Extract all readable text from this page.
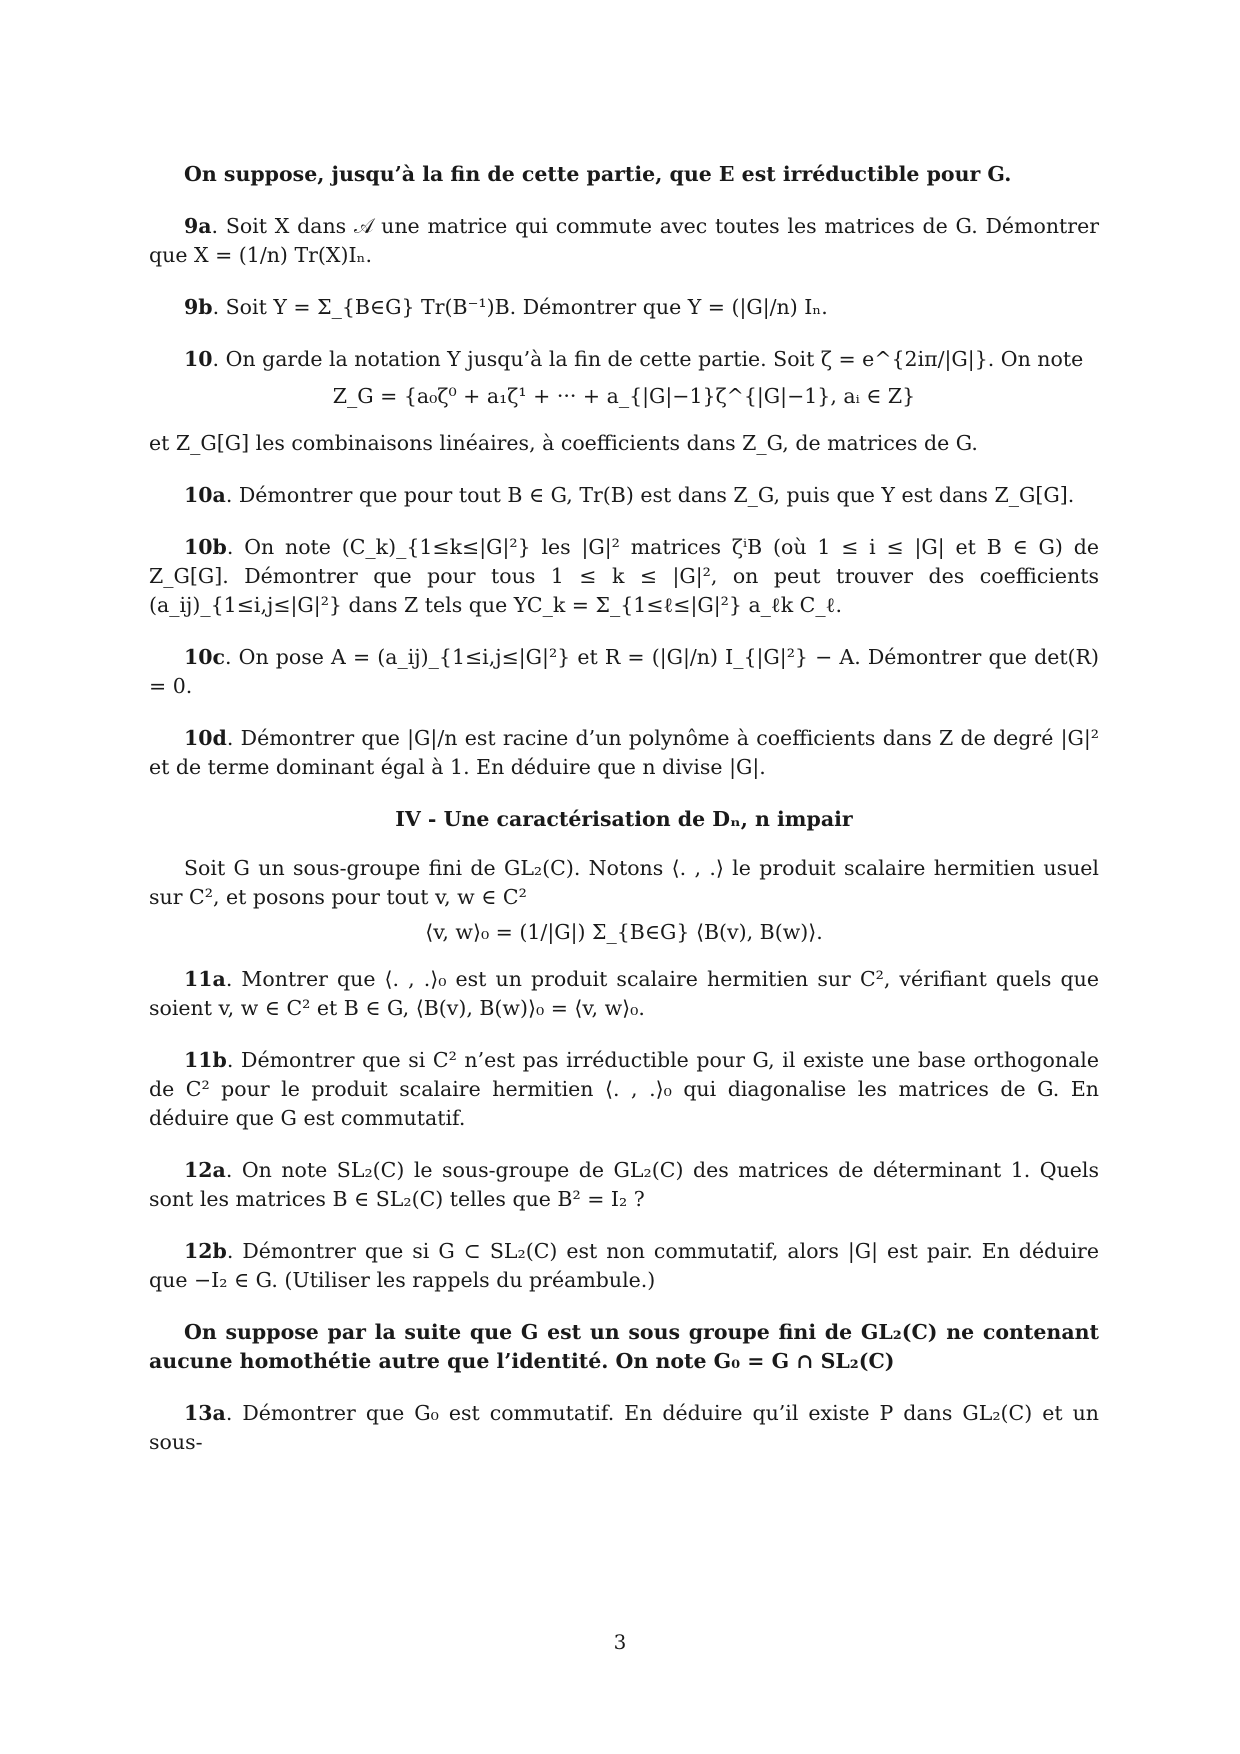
On suppose, jusqu’à la fin de cette partie, que E est irréductible pour G.

9a. Soit X dans 𝒜 une matrice qui commute avec toutes les matrices de G. Démontrer que X = (1/n) Tr(X)Iₙ.

9b. Soit Y = Σ_{B∈G} Tr(B⁻¹)B. Démontrer que Y = (|G|/n) Iₙ.

10. On garde la notation Y jusqu’à la fin de cette partie. Soit ζ = e^{2iπ/|G|}. On note

Z_G = {a₀ζ⁰ + a₁ζ¹ + ··· + a_{|G|−1}ζ^{|G|−1}, aᵢ ∈ Z}

et Z_G[G] les combinaisons linéaires, à coefficients dans Z_G, de matrices de G.

10a. Démontrer que pour tout B ∈ G, Tr(B) est dans Z_G, puis que Y est dans Z_G[G].

10b. On note (C_k)_{1≤k≤|G|²} les |G|² matrices ζⁱB (où 1 ≤ i ≤ |G| et B ∈ G) de Z_G[G]. Démontrer que pour tous 1 ≤ k ≤ |G|², on peut trouver des coefficients (a_ij)_{1≤i,j≤|G|²} dans Z tels que YC_k = Σ_{1≤ℓ≤|G|²} a_ℓk C_ℓ.

10c. On pose A = (a_ij)_{1≤i,j≤|G|²} et R = (|G|/n) I_{|G|²} − A. Démontrer que det(R) = 0.

10d. Démontrer que |G|/n est racine d’un polynôme à coefficients dans Z de degré |G|² et de terme dominant égal à 1. En déduire que n divise |G|.

IV - Une caractérisation de Dₙ, n impair

Soit G un sous-groupe fini de GL₂(C). Notons ⟨. , .⟩ le produit scalaire hermitien usuel sur C², et posons pour tout v, w ∈ C²

⟨v, w⟩₀ = (1/|G|) Σ_{B∈G} ⟨B(v), B(w)⟩.

11a. Montrer que ⟨. , .⟩₀ est un produit scalaire hermitien sur C², vérifiant quels que soient v, w ∈ C² et B ∈ G, ⟨B(v), B(w)⟩₀ = ⟨v, w⟩₀.

11b. Démontrer que si C² n’est pas irréductible pour G, il existe une base orthogonale de C² pour le produit scalaire hermitien ⟨. , .⟩₀ qui diagonalise les matrices de G. En déduire que G est commutatif.

12a. On note SL₂(C) le sous-groupe de GL₂(C) des matrices de déterminant 1. Quels sont les matrices B ∈ SL₂(C) telles que B² = I₂ ?

12b. Démontrer que si G ⊂ SL₂(C) est non commutatif, alors |G| est pair. En déduire que −I₂ ∈ G. (Utiliser les rappels du préambule.)

On suppose par la suite que G est un sous groupe fini de GL₂(C) ne contenant aucune homothétie autre que l’identité. On note G₀ = G ∩ SL₂(C)

13a. Démontrer que G₀ est commutatif. En déduire qu’il existe P dans GL₂(C) et un sous-

3
